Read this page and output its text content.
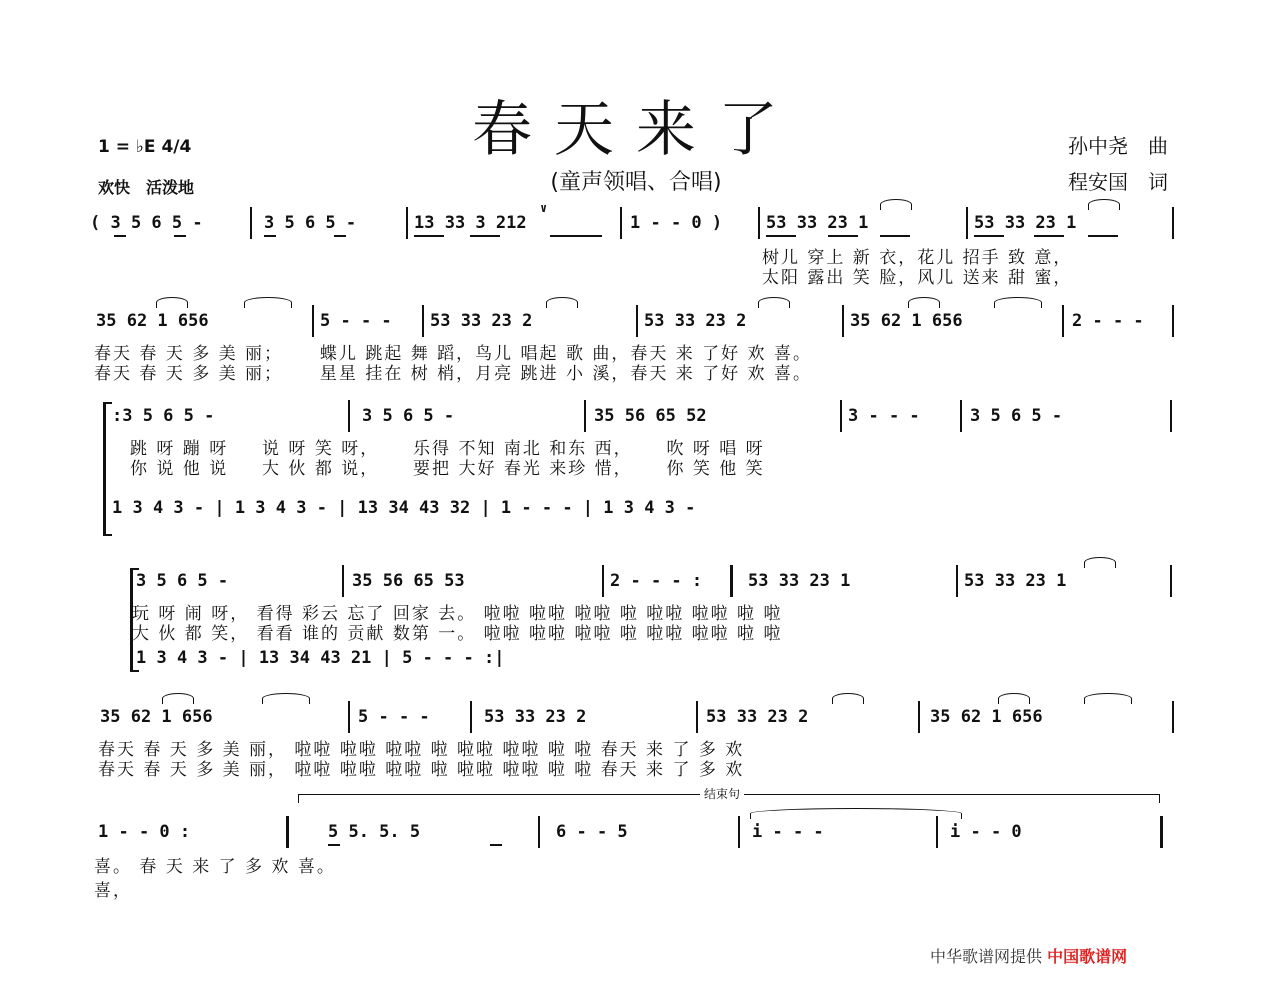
春天来了
(童声领唱、合唱)
孙中尧　曲
程安国　词
1 = ♭E 4/4
欢快　活泼地
( 3 5 6 5 -	3 5 6 5 -	13 33 3 212	1 - - 0 )	53 33 23 1	53 33 23 1
∨
树儿 穿上 新 衣，花儿 招手 致 意，
太阳 露出 笑 脸，风儿 送来 甜 蜜，
35 62 1 656	5 - - - 53 33 23 2	53 33 23 2	35 62 1 656	2 - - -
春天 春 天 多 美 丽；　　 蝶儿 跳起 舞 蹈，鸟儿 唱起 歌 曲，春天 来 了好 欢 喜。
春天 春 天 多 美 丽；　　 星星 挂在 树 梢，月亮 跳进 小 溪，春天 来 了好 欢 喜。
:3 5 6 5 -	3 5 6 5 -	35 56 65 52	3 - - -	3 5 6 5 -
跳 呀 蹦 呀 　 说 呀 笑 呀， 　 乐得 不知 南北 和东 西， 　 吹 呀 唱 呀
你 说 他 说 　 大 伙 都 说， 　 要把 大好 春光 来珍 惜， 　 你 笑 他 笑
1 3 4 3 - | 1 3 4 3 - | 13 34 43 32 | 1 - - - | 1 3 4 3 -
3 5 6 5 -	35 56 65 53	2 - - - :	53 33 23 1	53 33 23 1
玩 呀 闹 呀， 看得 彩云 忘了 回家 去。 啦啦 啦啦 啦啦 啦 啦啦 啦啦 啦 啦
大 伙 都 笑， 看看 谁的 贡献 数第 一。 啦啦 啦啦 啦啦 啦 啦啦 啦啦 啦 啦
1 3 4 3 - | 13 34 43 21 | 5 - - - :|
35 62 1 656	5 - - -	53 33 23 2	53 33 23 2	35 62 1 656
春天 春 天 多 美 丽， 啦啦 啦啦 啦啦 啦 啦啦 啦啦 啦 啦 春天 来 了 多 欢
春天 春 天 多 美 丽， 啦啦 啦啦 啦啦 啦 啦啦 啦啦 啦 啦 春天 来 了 多 欢
结束句
1 - - 0 :	5 5. 5. 5	6 - - 5	i - - -	i - - 0
喜。 春 天 来 了 多 欢 喜。
喜，
中华歌谱网提供 中国歌谱网
